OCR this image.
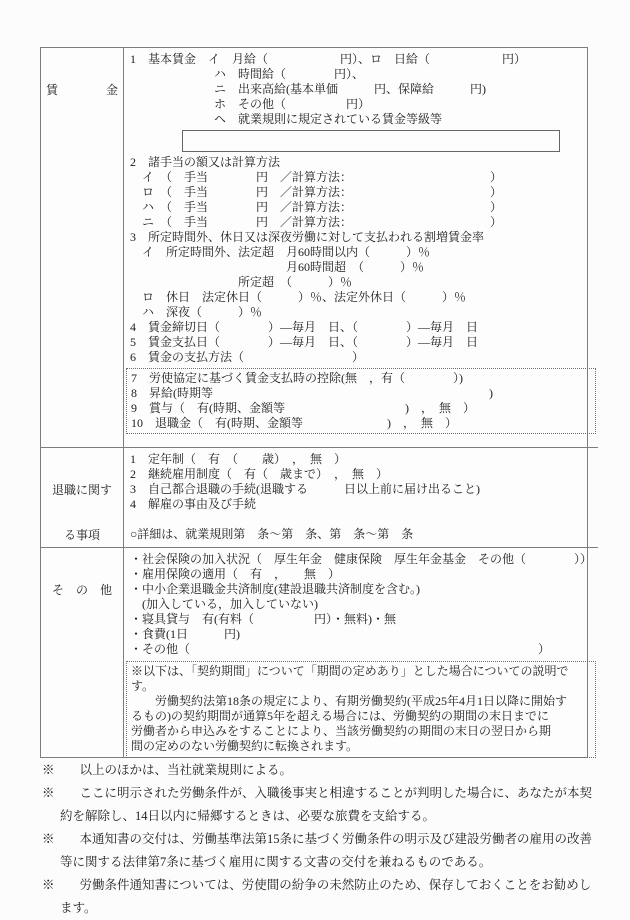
賃　　　　金

1　基本賃金　イ　月給（　　　　　　円）、ロ　日給（　　　　　　円）
　　　　　　　ハ　時間給（　　　　円）、
　　　　　　　ニ　出来高給(基本単価　　　円、保障給　　　円)
　　　　　　　ホ　その他（　　　　　円）
　　　　　　　ヘ　就業規則に規定されている賃金等級等
2　諸手当の額又は計算方法
　イ　（　手当　　　　円　／計算方法：　　　　　　　　　　　　）
　ロ　（　手当　　　　円　／計算方法：　　　　　　　　　　　　）
　ハ　（　手当　　　　円　／計算方法：　　　　　　　　　　　　）
　ニ　（　手当　　　　円　／計算方法：　　　　　　　　　　　　）
3　所定時間外、休日又は深夜労働に対して支払われる割増賃金率
　イ　所定時間外、法定超　月60時間以内（　　　）％
　　　　　　　　　　　　　月60時間超　（　　　）％
　　　　　　　　　所定超　（　　　）％
　ロ　休日　法定休日（　　　）％、法定外休日（　　　）％
　ハ　深夜（　　　）％
4　賃金締切日（　　　　）―毎月　日、（　　　　）―毎月　日
5　賃金支払日（　　　　）―毎月　日、（　　　　）―毎月　日
6　賃金の支払方法（　　　　　　　　　）
7　労使協定に基づく賃金支払時の控除(無　，有（　　　　）)
8　昇給(時期等　　　　　　　　　　　　　　　　　　　　　　　)
9　賞与（　有(時期、金額等　　　　　　　　　　)　，　無　）
10　退職金（　有(時期、金額等　　　　　　　)　，　無　）

退職に関す

る事項

1　定年制（　有　（　　歳）　，　無　）
2　継続雇用制度（　有（　歳まで）　，　無　）
3　自己都合退職の手続(退職する　　　日以上前に届け出ること)
4　解雇の事由及び手続
○詳細は、就業規則第　条～第　条、第　条～第　条

そ　の　他

・社会保険の加入状況（　厚生年金　健康保険　厚生年金基金　その他（　　　　））
・雇用保険の適用（　有　，　　無　）
・中小企業退職金共済制度(建設退職共済制度を含む。)
　(加入している，加入していない)
・寝具貸与　有(有料（　　　　　円）・無料)・無
・食費(1日　　　円)
・その他（　　　　　　　　　　　　　　　　　　　　　　　　　　　　　）
※以下は、「契約期間」について「期間の定めあり」とした場合についての説明で
す。
　　労働契約法第18条の規定により、有期労働契約(平成25年4月1日以降に開始す
るもの)の契約期間が通算5年を超える場合には、労働契約の期間の末日までに
労働者から申込みをすることにより、当該労働契約の期間の末日の翌日から期
間の定めのない労働契約に転換されます。
※　　以上のほかは、当社就業規則による。
※　　ここに明示された労働条件が、入職後事実と相違することが判明した場合に、あなたが本契約を解除し、14日以内に帰郷するときは、必要な旅費を支給する。
※　　本通知書の交付は、労働基準法第15条に基づく労働条件の明示及び建設労働者の雇用の改善等に関する法律第7条に基づく雇用に関する文書の交付を兼ねるものである。
※　　労働条件通知書については、労使間の紛争の未然防止のため、保存しておくことをお勧めします。
